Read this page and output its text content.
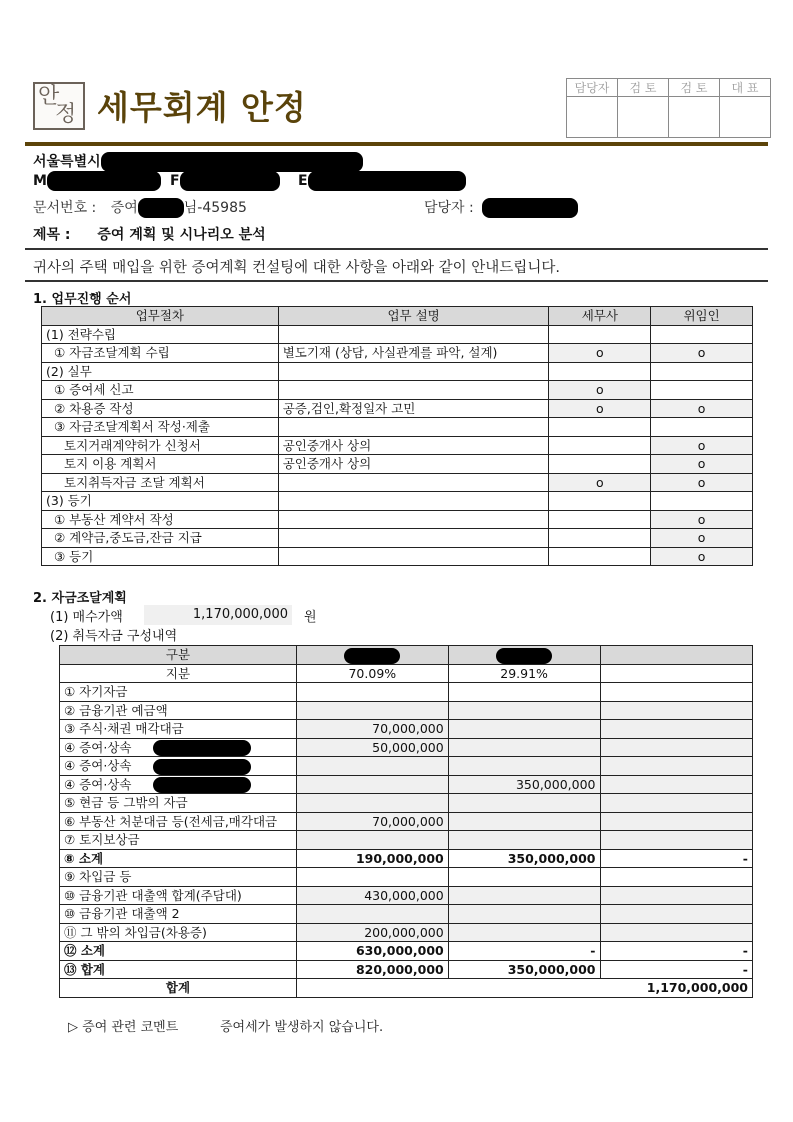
안
정 세무회계 안정	담당자	검 토	검 토	대 표

서울특별시
M	F	E
문서번호 : 증여	님-45985	담당자 :
제목 : 증여 계획 및 시나리오 분석
귀사의 주택 매입을 위한 증여계획 컨설팅에 대한 사항을 아래와 같이 안내드립니다.
1. 업무진행 순서
업무절차	업무 설명	세무사	위임인
(1) 전략수립			
① 자금조달계획 수립	별도기재 (상담, 사실관계를 파악, 설계)	o	o
(2) 실무			
① 증여세 신고		o	
② 차용증 작성	공증,검인,확정일자 고민	o	o
③ 자금조달계획서 작성·제출			
토지거래계약허가 신청서	공인중개사 상의		o
토지 이용 계획서	공인중개사 상의		o
토지취득자금 조달 계획서		o	o
(3) 등기			
① 부동산 계약서 작성			o
② 계약금,중도금,잔금 지급			o
③ 등기			o
2. 자금조달계획
(1) 매수가액	1,170,000,000	원
(2) 취득자금 구성내역
구분			
지분	70.09%	29.91%	
① 자기자금			
② 금융기관 예금액			
③ 주식·채권 매각대금	70,000,000		
④ 증여·상속	50,000,000		
④ 증여·상속			
④ 증여·상속		350,000,000	
⑤ 현금 등 그밖의 자금			
⑥ 부동산 처분대금 등(전세금,매각대금	70,000,000		
⑦ 토지보상금			
⑧ 소계	190,000,000	350,000,000	-
⑨ 차입금 등			
⑩ 금융기관 대출액 합계(주담대)	430,000,000		
⑩ 금융기관 대출액 2			
⑪ 그 밖의 차입금(차용증)	200,000,000		
⑫ 소계	630,000,000	-	-
⑬ 합계	820,000,000	350,000,000	-
합계	1,170,000,000		
▷ 증여 관련 코멘트	증여세가 발생하지 않습니다.
